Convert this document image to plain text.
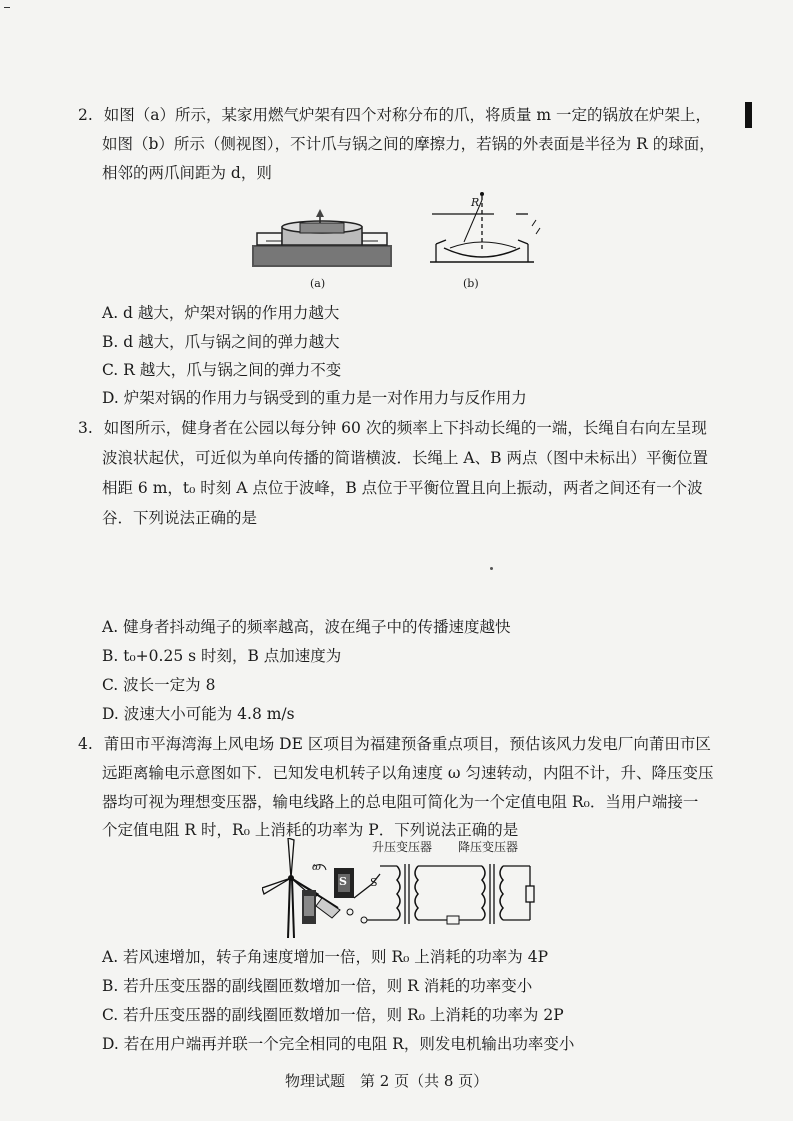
2. 如图（a）所示，某家用燃气炉架有四个对称分布的爪，将质量 m 一定的锅放在炉架上，
如图（b）所示（侧视图），不计爪与锅之间的摩擦力，若锅的外表面是半径为 R 的球面，
相邻的两爪间距为 d，则
(a)
R
(b)
A. d 越大，炉架对锅的作用力越大
B. d 越大，爪与锅之间的弹力越大
C. R 越大，爪与锅之间的弹力不变
D. 炉架对锅的作用力与锅受到的重力是一对作用力与反作用力
3. 如图所示，健身者在公园以每分钟 60 次的频率上下抖动长绳的一端，长绳自右向左呈现
波浪状起伏，可近似为单向传播的简谐横波．长绳上 A、B 两点（图中未标出）平衡位置
相距 6 m，t₀ 时刻 A 点位于波峰，B 点位于平衡位置且向上振动，两者之间还有一个波
谷．下列说法正确的是
A. 健身者抖动绳子的频率越高，波在绳子中的传播速度越快
B. t₀+0.25 s 时刻，B 点加速度为
C. 波长一定为 8
D. 波速大小可能为 4.8 m/s
4. 莆田市平海湾海上风电场 DE 区项目为福建预备重点项目，预估该风力发电厂向莆田市区
远距离输电示意图如下．已知发电机转子以角速度 ω 匀速转动，内阻不计，升、降压变压
器均可视为理想变压器，输电线路上的总电阻可简化为一个定值电阻 R₀．当用户端接一
个定值电阻 R 时，R₀ 上消耗的功率为 P．下列说法正确的是
升压变压器 降压变压器
ω
S S
A. 若风速增加，转子角速度增加一倍，则 R₀ 上消耗的功率为 4P
B. 若升压变压器的副线圈匝数增加一倍，则 R 消耗的功率变小
C. 若升压变压器的副线圈匝数增加一倍，则 R₀ 上消耗的功率为 2P
D. 若在用户端再并联一个完全相同的电阻 R，则发电机输出功率变小
物理试题　第 2 页（共 8 页）
